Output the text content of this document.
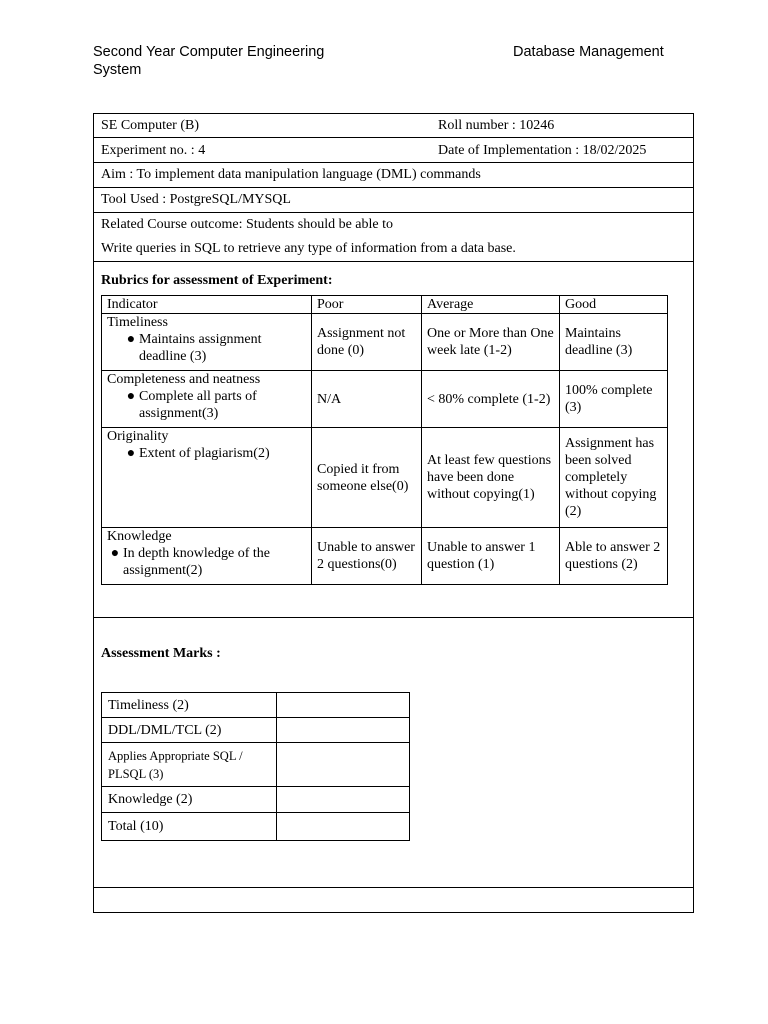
Second Year Computer Engineering	Database Management
System
SE Computer (B)	Roll number : 10246
Experiment no. : 4	Date of Implementation : 18/02/2025
Aim : To implement data manipulation language (DML) commands
Tool Used : PostgreSQL/MYSQL
Related Course outcome: Students should be able to
Write queries in SQL to retrieve any type of information from a data base.
Rubrics for assessment of Experiment:
Indicator	Poor	Average	Good

Timeliness
● Maintains assignment deadline (3)	Assignment not done (0)	One or More than One week late (1-2)	Maintains deadline (3)

Completeness and neatness
● Complete all parts of assignment(3)	N/A	< 80% complete (1-2)	100% complete (3)

Originality
● Extent of plagiarism(2)	Copied it from someone else(0)	At least few questions have been done without copying(1)	Assignment has been solved completely without copying (2)

Knowledge
● In depth knowledge of the assignment(2)	Unable to answer 2 questions(0)	Unable to answer 1 question (1)	Able to answer 2 questions (2)
Assessment Marks :
Timeliness (2)	
DDL/DML/TCL (2)	
Applies Appropriate SQL / PLSQL (3)	
Knowledge (2)	
Total (10)	
